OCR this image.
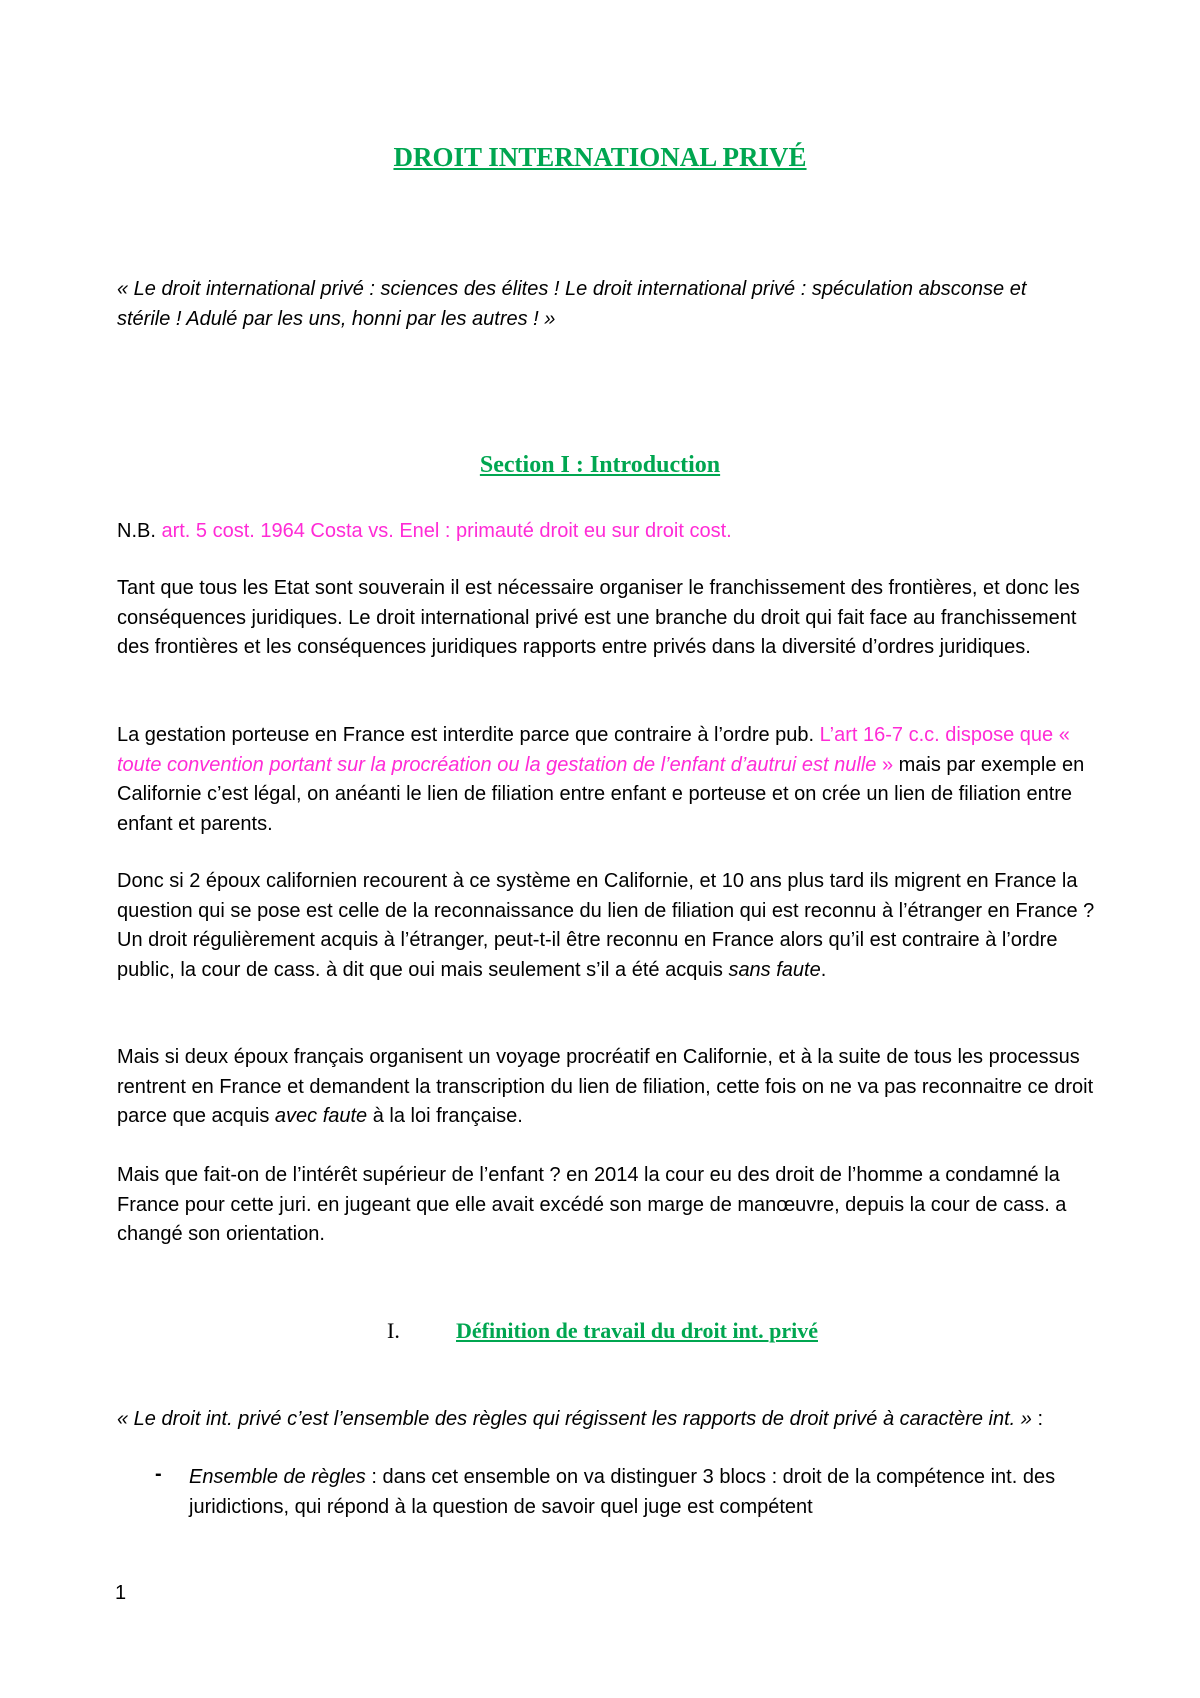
DROIT INTERNATIONAL PRIVÉ
« Le droit international privé : sciences des élites ! Le droit international privé : spéculation absconse et stérile ! Adulé par les uns, honni par les autres ! »
Section I : Introduction
N.B. art. 5 cost. 1964 Costa vs. Enel : primauté droit eu sur droit cost.
Tant que tous les Etat sont souverain il est nécessaire organiser le franchissement des frontières, et donc les conséquences juridiques. Le droit international privé est une branche du droit qui fait face au franchissement des frontières et les conséquences juridiques rapports entre privés dans la diversité d’ordres juridiques.
La gestation porteuse en France est interdite parce que contraire à l’ordre pub. L’art 16-7 c.c. dispose que « toute convention portant sur la procréation ou la gestation de l’enfant d’autrui est nulle » mais par exemple en Californie c’est légal, on anéanti le lien de filiation entre enfant e porteuse et on crée un lien de filiation entre enfant et parents.
Donc si 2 époux californien recourent à ce système en Californie, et 10 ans plus tard ils migrent en France la question qui se pose est celle de la reconnaissance du lien de filiation qui est reconnu à l’étranger en France ?
Un droit régulièrement acquis à l’étranger, peut-t-il être reconnu en France alors qu’il est contraire à l’ordre public, la cour de cass. à dit que oui mais seulement s’il a été acquis sans faute.
Mais si deux époux français organisent un voyage procréatif en Californie, et à la suite de tous les processus rentrent en France et demandent la transcription du lien de filiation, cette fois on ne va pas reconnaitre ce droit parce que acquis avec faute à la loi française.
Mais que fait-on de l’intérêt supérieur de l’enfant ? en 2014 la cour eu des droit de l’homme a condamné la France pour cette juri. en jugeant que elle avait excédé son marge de manœuvre, depuis la cour de cass. a changé son orientation.
I.	Définition de travail du droit int. privé
« Le droit int. privé c’est l’ensemble des règles qui régissent les rapports de droit privé à caractère int. » :
- Ensemble de règles : dans cet ensemble on va distinguer 3 blocs : droit de la compétence int. des juridictions, qui répond à la question de savoir quel juge est compétent
1
